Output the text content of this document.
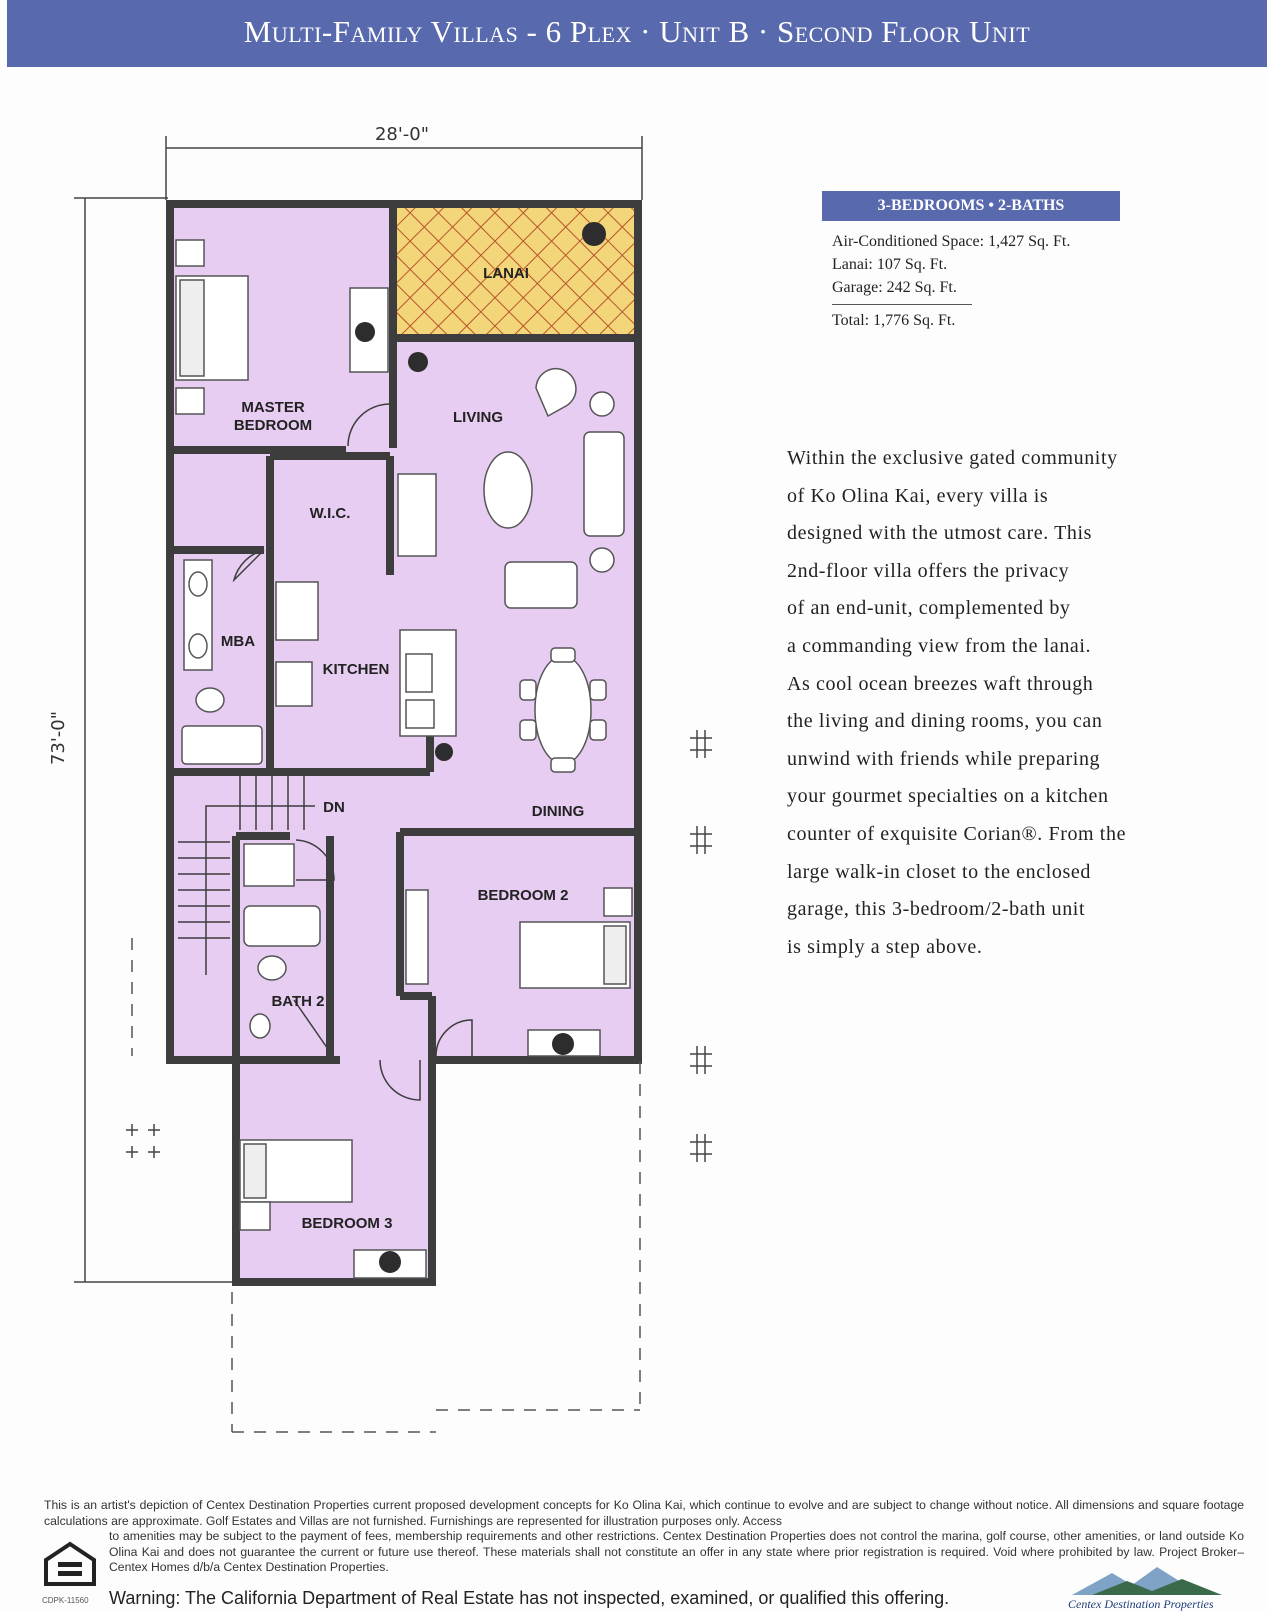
Multi-Family Villas - 6 Plex · Unit B · Second Floor Unit
28'-0"
73'-0"
LANAI
MASTER
BEDROOM	LIVING
W.I.C.
MBA
KITCHEN
DN	DINING
BEDROOM 2
BATH 2
BEDROOM 3
3-BEDROOMS • 2-BATHS
Air-Conditioned Space: 1,427 Sq. Ft.
Lanai: 107 Sq. Ft.
Garage: 242 Sq. Ft.
Total: 1,776 Sq. Ft.
Within the exclusive gated community
of Ko Olina Kai, every villa is
designed with the utmost care. This
2nd-floor villa offers the privacy
of an end-unit, complemented by
a commanding view from the lanai.
As cool ocean breezes waft through
the living and dining rooms, you can
unwind with friends while preparing
your gourmet specialties on a kitchen
counter of exquisite Corian®. From the
large walk-in closet to the enclosed
garage, this 3-bedroom/2-bath unit
is simply a step above.
This is an artist's depiction of Centex Destination Properties current proposed development concepts for Ko Olina Kai, which continue to evolve and are subject to change without notice. All dimensions and square footage calculations are approximate. Golf Estates and Villas are not furnished. Furnishings are represented for illustration purposes only. Access
to amenities may be subject to the payment of fees, membership requirements and other restrictions. Centex Destination Properties does not control the marina, golf course, other amenities, or land outside Ko Olina Kai and does not guarantee the current or future use thereof. These materials shall not constitute an offer in any state where prior registration is required. Void where prohibited by law. Project Broker–Centex Homes d/b/a Centex Destination Properties.
CDPK-11560 Warning: The California Department of Real Estate has not inspected, examined, or qualified this offering.	Centex Destination Properties
